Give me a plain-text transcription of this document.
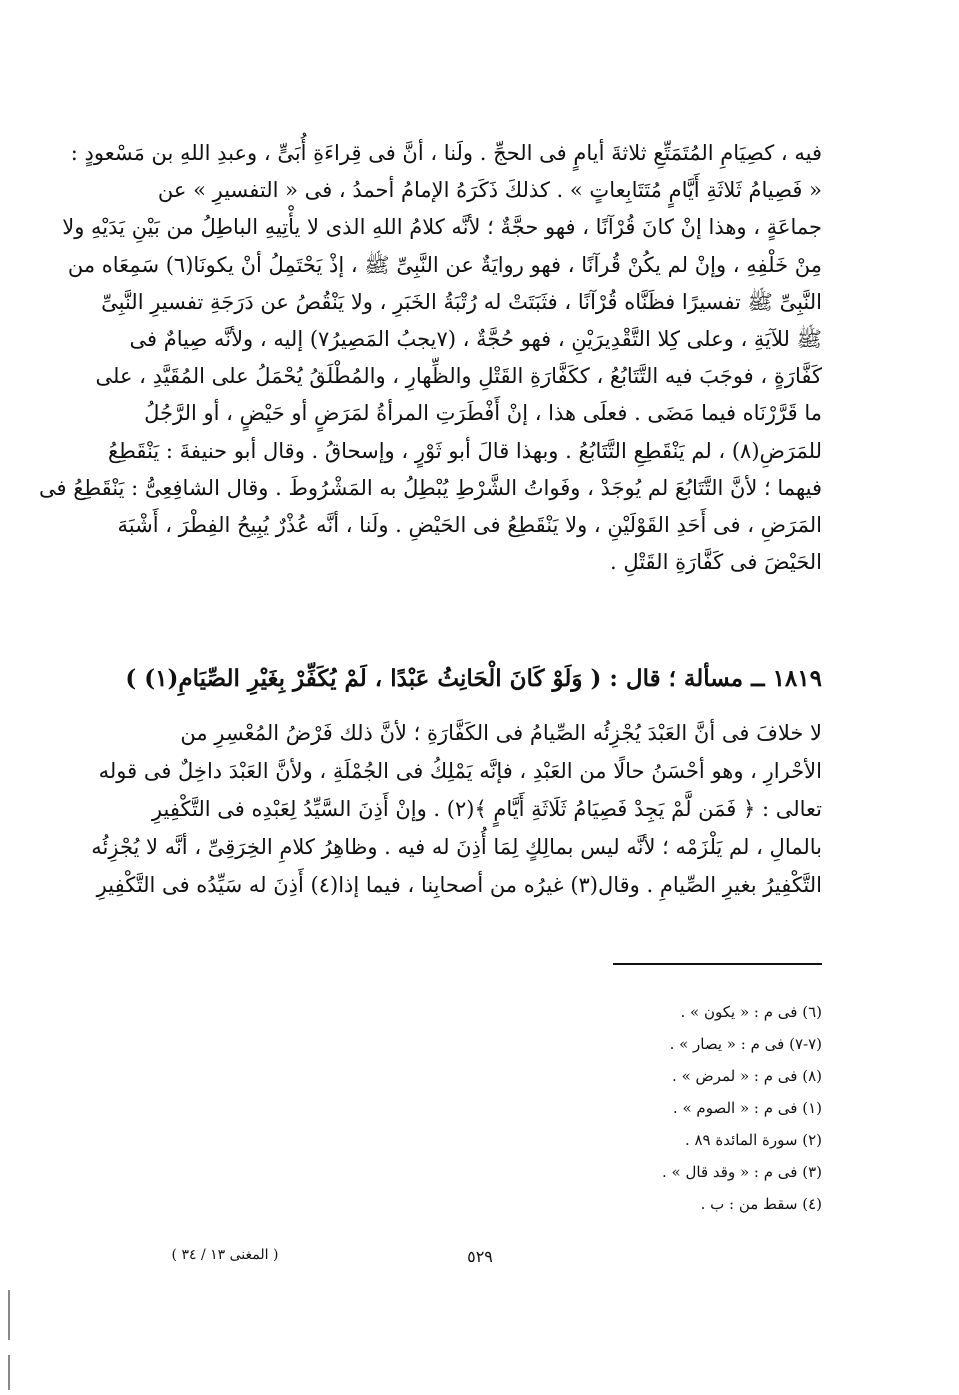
فيه ، كصِيَامِ المُتَمَتِّعِ ثلاثةَ أيامٍ فى الحجِّ . ولَنا ، أنَّ فى قِراءَةِ أُبَىٍّ ، وعبدِ اللهِ بن مَسْعودٍ :
« فَصِيامُ ثَلاثَةِ أَيَّامٍ مُتَتَابِعاتٍ » . كذلكَ ذَكَرَهُ الإمامُ أحمدُ ، فى « التفسيرِ » عن
جماعَةٍ ، وهذا إنْ كانَ قُرْآنًا ، فهو حجَّةٌ ؛ لأنَّه كلامُ اللهِ الذى لا يأْتِيهِ الباطِلُ من بَيْنِ يَدَيْهِ ولا
مِنْ خَلْفِهِ ، وإنْ لم يكُنْ قُرآنًا ، فهو روايَةٌ عن النَّبِىِّ ﷺ ، إذْ يَحْتَمِلُ أنْ يكونَا(٦) سَمِعَاه من
النَّبِىِّ ﷺ تفسيرًا فظَنَّاه قُرْآنًا ، فثَبَتَتْ له رُتْبَةُ الخَبَرِ ، ولا يَنْقُصُ عن دَرَجَةِ تفسيرِ النَّبِىِّ
ﷺ للآيَةِ ، وعلى كِلا التَّقْدِيرَيْنِ ، فهو حُجَّةٌ ، (٧يجبُ المَصِيرُ٧) إليه ، ولأنَّه صِيامٌ فى
كَفَّارَةٍ ، فوجَبَ فيه التَّتَابُعُ ، ككَفَّارَةِ القَتْلِ والظِّهارِ ، والمُطْلَقُ يُحْمَلُ على المُقَيَّدِ ، على
ما قَرَّرْنَاه فيما مَضَى . فعلَى هذا ، إنْ أَفْطَرَتِ المرأةُ لمَرَضٍ أو حَيْضٍ ، أو الرَّجُلُ
للمَرَضِ(٨) ، لم يَنْقَطِعِ التَّتَابُعُ . وبهذا قالَ أبو ثَوْرٍ ، وإسحاقُ . وقال أبو حنيفةَ : يَنْقَطِعُ
فيهما ؛ لأنَّ التَّتَابُعَ لم يُوجَدْ ، وفَواتُ الشَّرْطِ يُبْطِلُ به المَشْرُوطَ . وقال الشافِعِىُّ : يَنْقَطِعُ فى
المَرَضِ ، فى أَحَدِ القَوْلَيْنِ ، ولا يَنْقَطِعُ فى الحَيْضِ . ولَنا ، أنَّه عُذْرٌ يُبِيحُ الفِطْرَ ، أَشْبَهَ
الحَيْضَ فى كَفَّارَةِ القَتْلِ .
١٨١٩ ــ مسألة ؛ قال : ( وَلَوْ كَانَ الْحَانِثُ عَبْدًا ، لَمْ يُكَفِّرْ بِغَيْرِ الصِّيَامِ(١) )
لا خلافَ فى أنَّ العَبْدَ يُجْزِئُه الصِّيامُ فى الكَفَّارَةِ ؛ لأنَّ ذلك فَرْضُ المُعْسِرِ من
الأحْرارِ ، وهو أحْسَنُ حالًا من العَبْدِ ، فإنَّه يَمْلِكُ فى الجُمْلَةِ ، ولأنَّ العَبْدَ داخِلٌ فى قوله
تعالى : ﴿ فَمَن لَّمْ يَجِدْ فَصِيَامُ ثَلَاثَةِ أَيَّامٍ ﴾(٢) . وإنْ أَذِنَ السَّيِّدُ لِعَبْدِه فى التَّكْفِيرِ
بالمالِ ، لم يَلْزَمْه ؛ لأنَّه ليس بمالِكٍ لِمَا أُذِنَ له فيه . وظاهِرُ كلامِ الخِرَقِىِّ ، أنَّه لا يُجْزِئُه
التَّكْفِيرُ بغيرِ الصِّيامِ . وقال(٣) غيرُه من أصحابِنا ، فيما إذا(٤) أَذِنَ له سَيِّدُه فى التَّكْفِيرِ
(٦) فى م : « يكون » .
(٧-٧) فى م : « يصار » .
(٨) فى م : « لمرض » .
(١) فى م : « الصوم » .
(٢) سورة المائدة ٨٩ .
(٣) فى م : « وقد قال » .
(٤) سقط من : ب .
٥٢٩
( المغنى ١٣ / ٣٤ )
